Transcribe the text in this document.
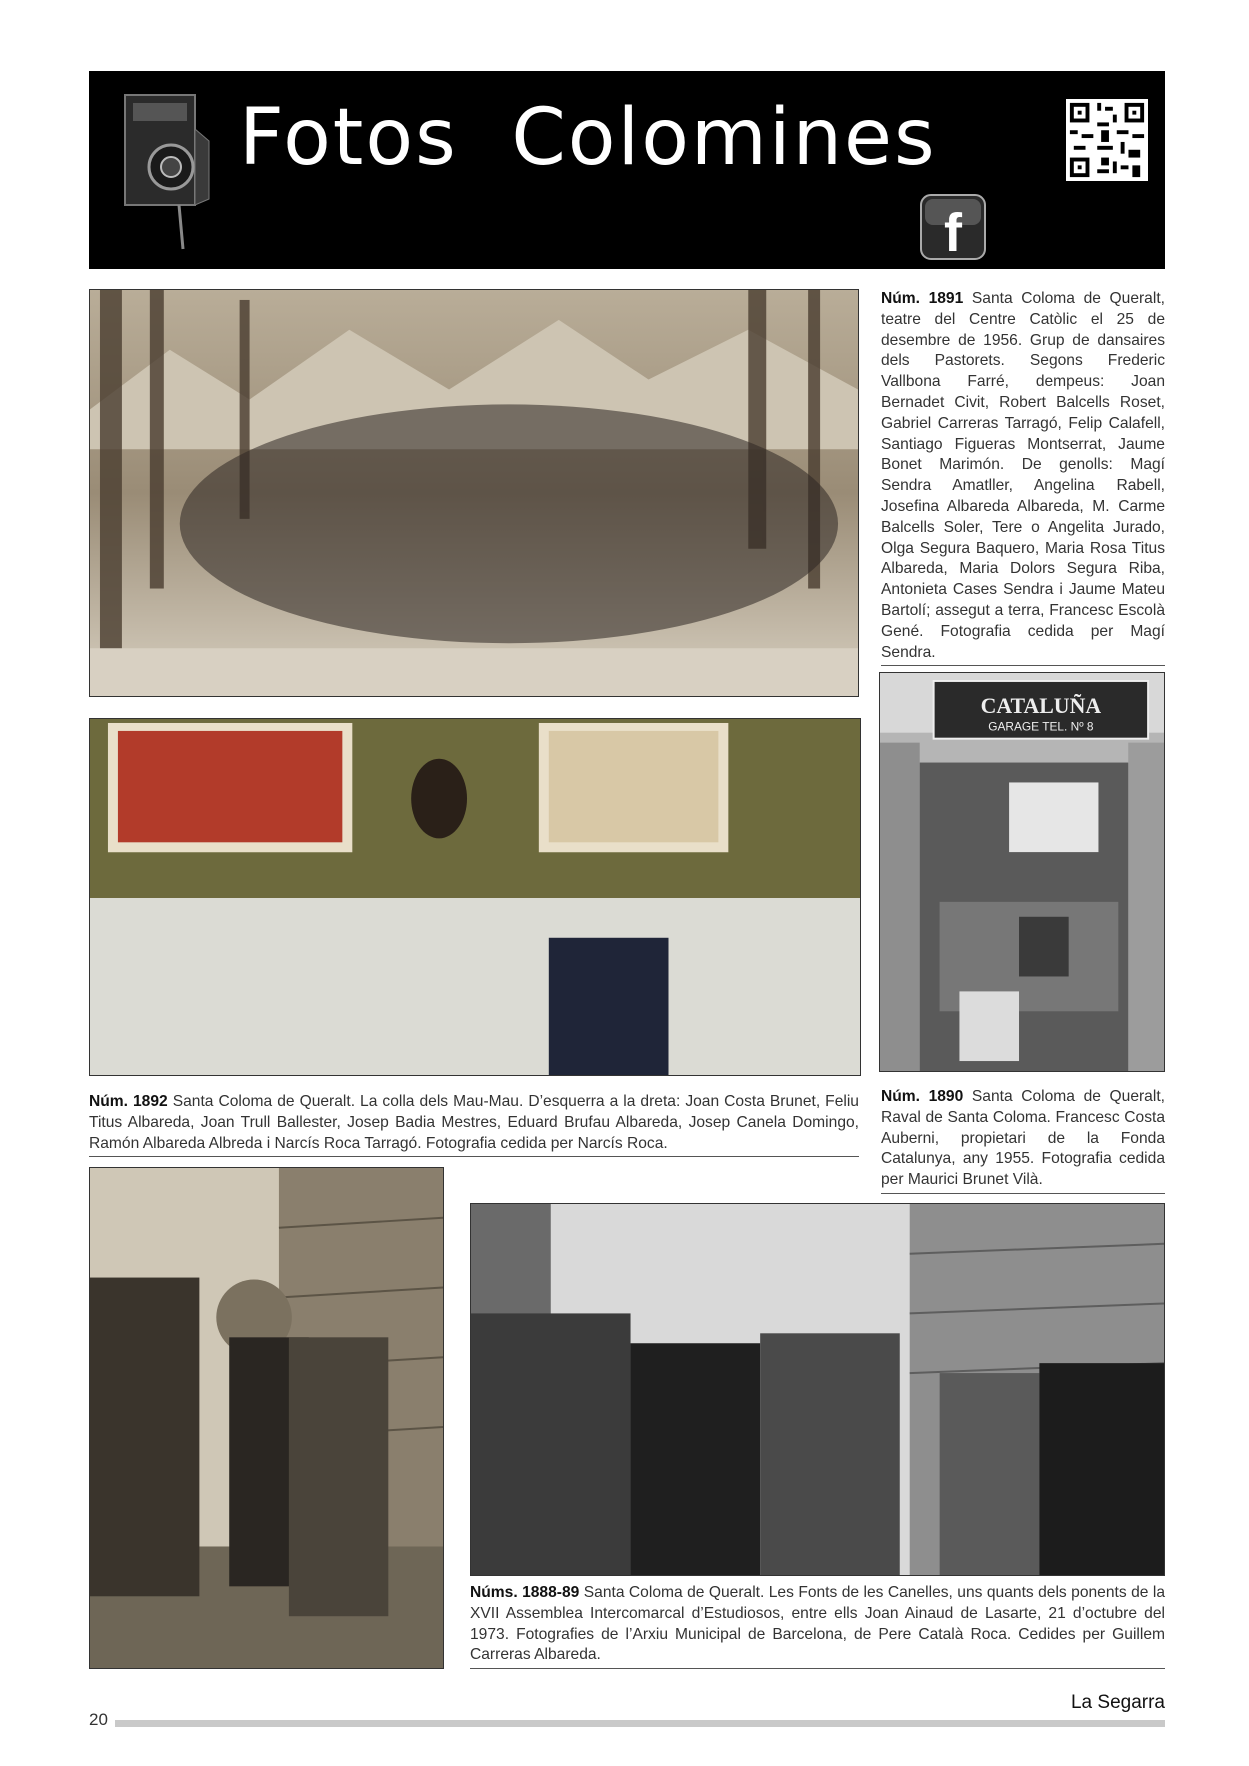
Fotos  Colomines
f
Núm. 1891 Santa Coloma de Queralt, teatre del Centre Catòlic el 25 de desembre de 1956. Grup de dansaires dels Pastorets. Segons Frederic Vallbona Farré, dempeus: Joan Bernadet Civit, Robert Balcells Roset, Gabriel Carreras Tarragó, Felip Calafell, Santiago Figueras Montserrat, Jaume Bonet Marimón. De genolls: Magí Sendra Amatller, Angelina Rabell, Josefina Albareda Albareda, M. Carme Balcells Soler, Tere o Angelita Jurado, Olga Segura Baquero, Maria Rosa Titus Albareda, Maria Dolors Segura Riba, Antonieta Cases Sendra i Jaume Mateu Bartolí; assegut a terra, Francesc Escolà Gené. Fotografia cedida per Magí Sendra.
CATALUÑA
GARAGE TEL. Nº 8
Núm. 1892 Santa Coloma de Queralt. La colla dels Mau-Mau. D’esquerra a la dreta: Joan Costa Brunet, Feliu Titus Albareda, Joan Trull Ballester, Josep Badia Mestres, Eduard Brufau Albareda, Josep Canela Domingo, Ramón Albareda Albreda i Narcís Roca Tarragó. Fotografia cedida per Narcís Roca.
Núm. 1890 Santa Coloma de Queralt, Raval de Santa Coloma. Francesc Costa Auberni, propietari de la Fonda Catalunya, any 1955. Fotografia cedida per Maurici Brunet Vilà.
Núms. 1888-89 Santa Coloma de Queralt. Les Fonts de les Canelles, uns quants dels ponents de la XVII Assemblea Intercomarcal d’Estudiosos, entre ells Joan Ainaud de Lasarte, 21 d’octubre del 1973. Fotografies de l’Arxiu Municipal de Barcelona, de Pere Català Roca. Cedides per Guillem Carreras Albareda.
20
La Segarra
